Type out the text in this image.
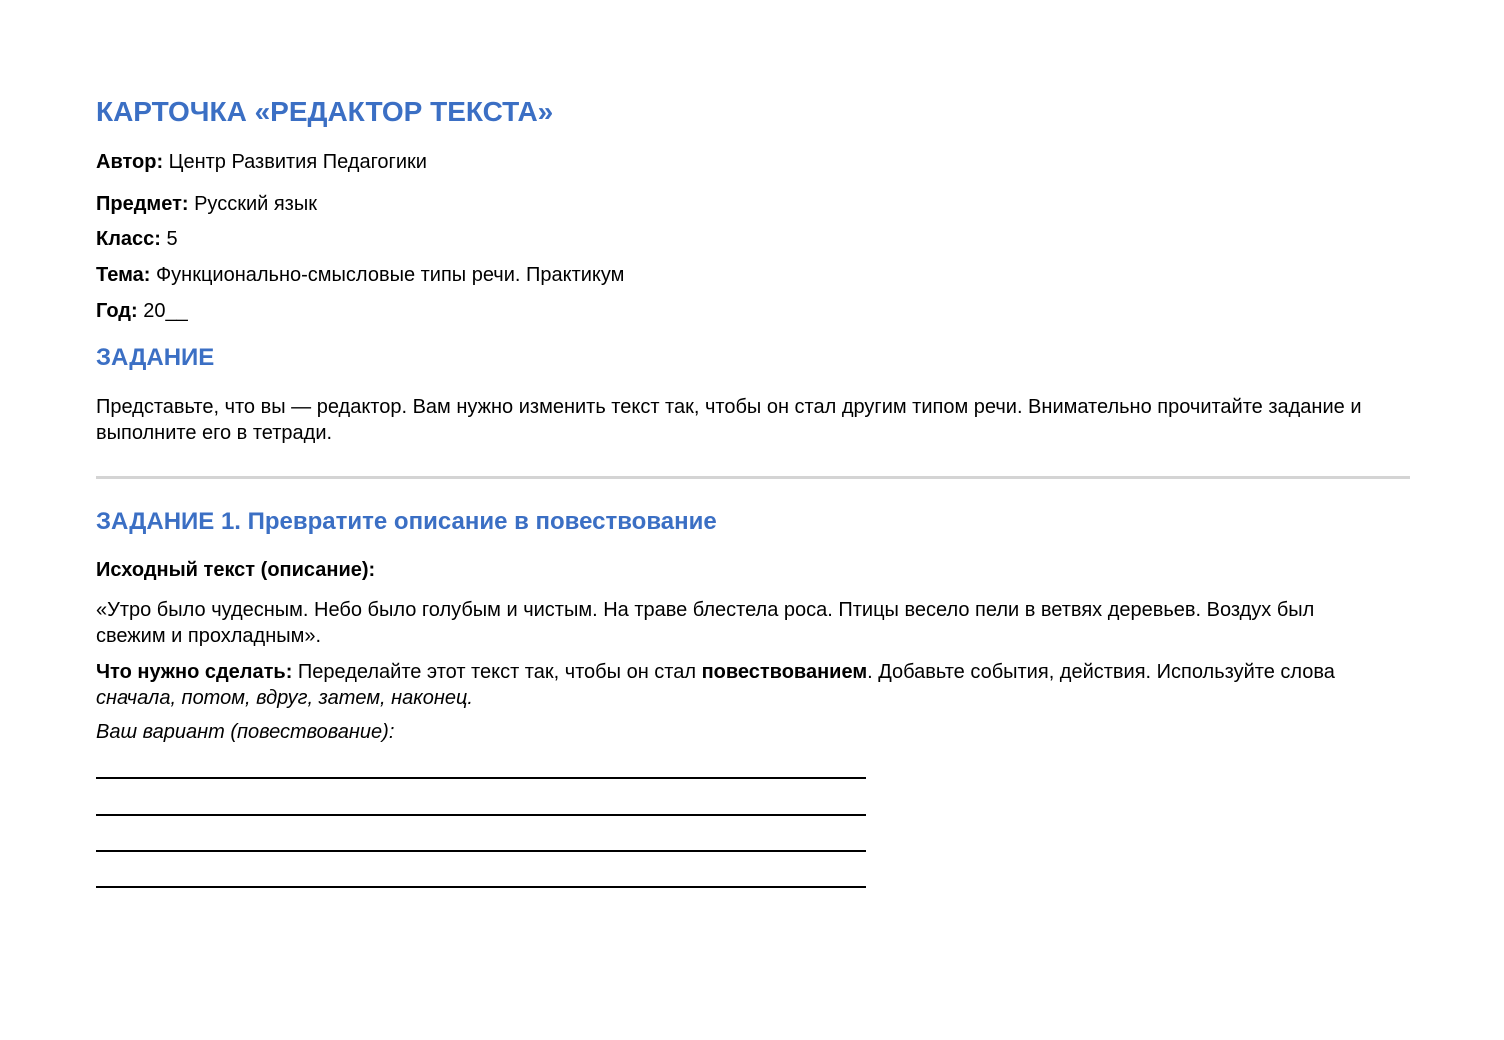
КАРТОЧКА «РЕДАКТОР ТЕКСТА»

Автор: Центр Развития Педагогики

Предмет: Русский язык

Класс: 5

Тема: Функционально-смысловые типы речи. Практикум

Год: 20__

ЗАДАНИЕ

Представьте, что вы — редактор. Вам нужно изменить текст так, чтобы он стал другим типом речи. Внимательно прочитайте задание и выполните его в тетради.

ЗАДАНИЕ 1. Превратите описание в повествование

Исходный текст (описание):

«Утро было чудесным. Небо было голубым и чистым. На траве блестела роса. Птицы весело пели в ветвях деревьев. Воздух был свежим и прохладным».

Что нужно сделать: Переделайте этот текст так, чтобы он стал повествованием. Добавьте события, действия. Используйте слова сначала, потом, вдруг, затем, наконец.

Ваш вариант (повествование):
